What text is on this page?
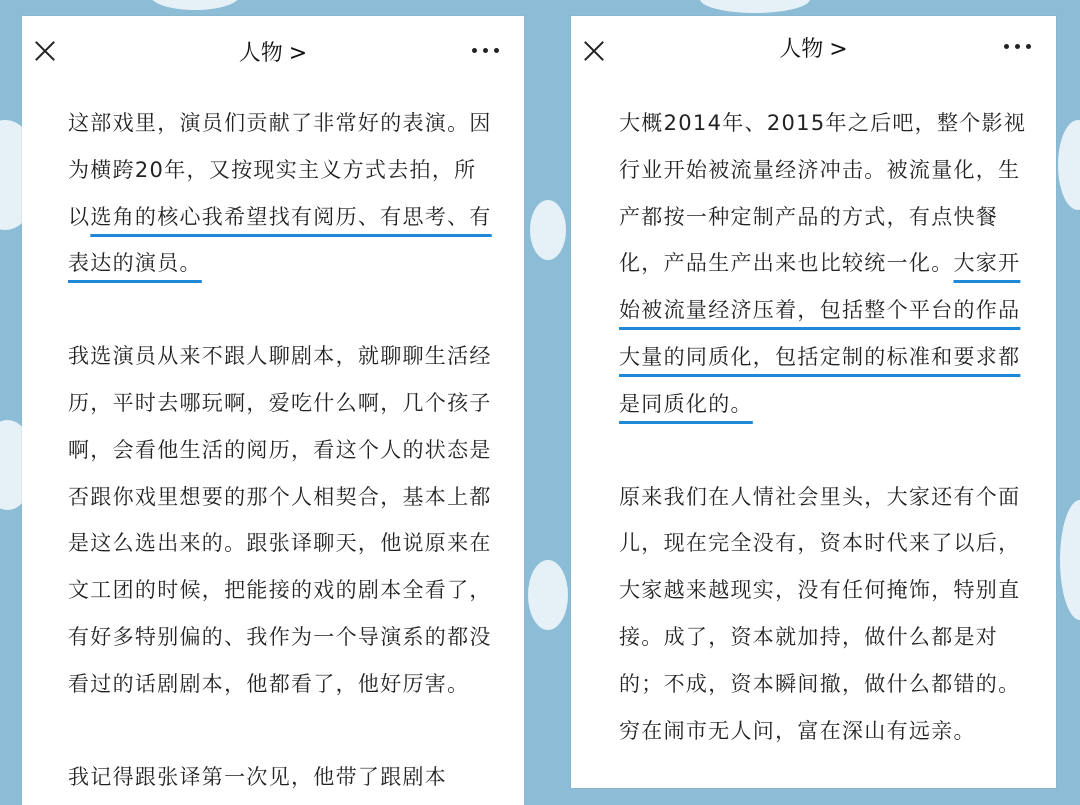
人物 >

这部戏里，演员们贡献了非常好的表演。因为横跨20年，又按现实主义方式去拍，所以选角的核心我希望找有阅历、有思考、有表达的演员。

我选演员从来不跟人聊剧本，就聊聊生活经历，平时去哪玩啊，爱吃什么啊，几个孩子啊，会看他生活的阅历，看这个人的状态是否跟你戏里想要的那个人相契合，基本上都是这么选出来的。跟张译聊天，他说原来在文工团的时候，把能接的戏的剧本全看了，有好多特别偏的、我作为一个导演系的都没看过的话剧剧本，他都看了，他好厉害。

我记得跟张译第一次见，他带了跟剧本

人物 >

大概2014年、2015年之后吧，整个影视行业开始被流量经济冲击。被流量化，生产都按一种定制产品的方式，有点快餐化，产品生产出来也比较统一化。大家开始被流量经济压着，包括整个平台的作品大量的同质化，包括定制的标准和要求都是同质化的。

原来我们在人情社会里头，大家还有个面儿，现在完全没有，资本时代来了以后，大家越来越现实，没有任何掩饰，特别直接。成了，资本就加持，做什么都是对的；不成，资本瞬间撤，做什么都错的。穷在闹市无人问，富在深山有远亲。
